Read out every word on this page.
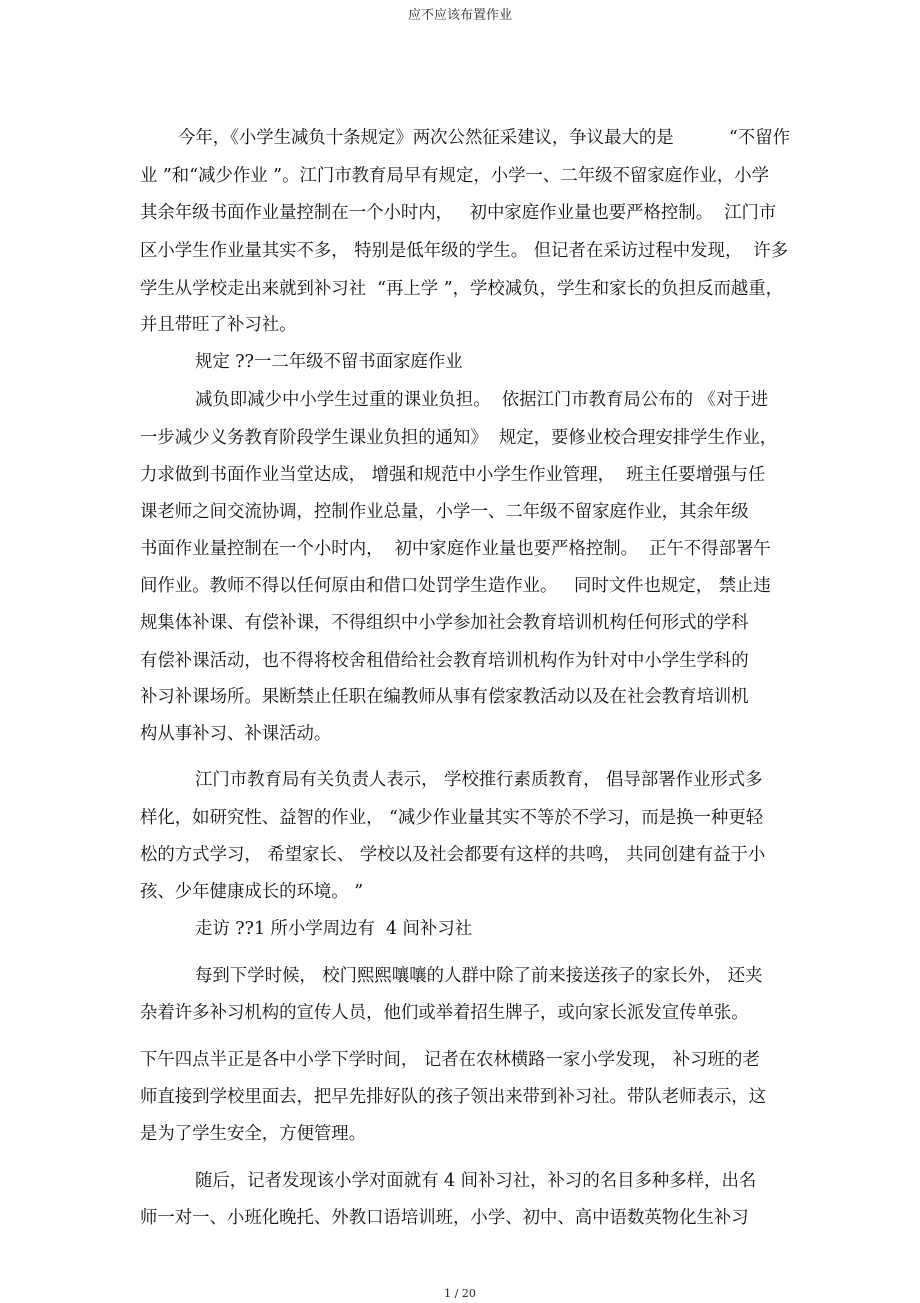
应不应该布置作业
今年，《小学生减负十条规定》两次公然征采建议，争议最大的是          “不留作
业 ”和“减少作业 ”。江门市教育局早有规定，小学一、二年级不留家庭作业，小学
其余年级书面作业量控制在一个小时内，   初中家庭作业量也要严格控制。  江门市
区小学生作业量其实不多， 特别是低年级的学生。 但记者在采访过程中发现，  许多
学生从学校走出来就到补习社  “再上学 ”，学校减负，学生和家长的负担反而越重，
并且带旺了补习社。
规定 ??一二年级不留书面家庭作业
减负即减少中小学生过重的课业负担。  依据江门市教育局公布的 《对于进
一步减少义务教育阶段学生课业负担的通知》  规定，要修业校合理安排学生作业，
力求做到书面作业当堂达成， 增强和规范中小学生作业管理，  班主任要增强与任
课老师之间交流协调，控制作业总量，小学一、二年级不留家庭作业，其余年级
书面作业量控制在一个小时内，  初中家庭作业量也要严格控制。  正午不得部署午
间作业。教师不得以任何原由和借口处罚学生造作业。   同时文件也规定， 禁止违
规集体补课、有偿补课，不得组织中小学参加社会教育培训机构任何形式的学科
有偿补课活动，也不得将校舍租借给社会教育培训机构作为针对中小学生学科的
补习补课场所。果断禁止任职在编教师从事有偿家教活动以及在社会教育培训机
构从事补习、补课活动。
江门市教育局有关负责人表示， 学校推行素质教育， 倡导部署作业形式多
样化，如研究性、益智的作业， “减少作业量其实不等於不学习，而是换一种更轻
松的方式学习， 希望家长、 学校以及社会都要有这样的共鸣， 共同创建有益于小
孩、少年健康成长的环境。 ”
走访 ??1 所小学周边有  4 间补习社
每到下学时候， 校门熙熙嚷嚷的人群中除了前来接送孩子的家长外， 还夹
杂着许多补习机构的宣传人员，他们或举着招生牌子，或向家长派发宣传单张。
下午四点半正是各中小学下学时间， 记者在农林横路一家小学发现， 补习班的老
师直接到学校里面去，把早先排好队的孩子领出来带到补习社。带队老师表示，这
是为了学生安全，方便管理。
随后，记者发现该小学对面就有 4 间补习社，补习的名目多种多样，出名
师一对一、小班化晚托、外教口语培训班，小学、初中、高中语数英物化生补习
1 / 20
